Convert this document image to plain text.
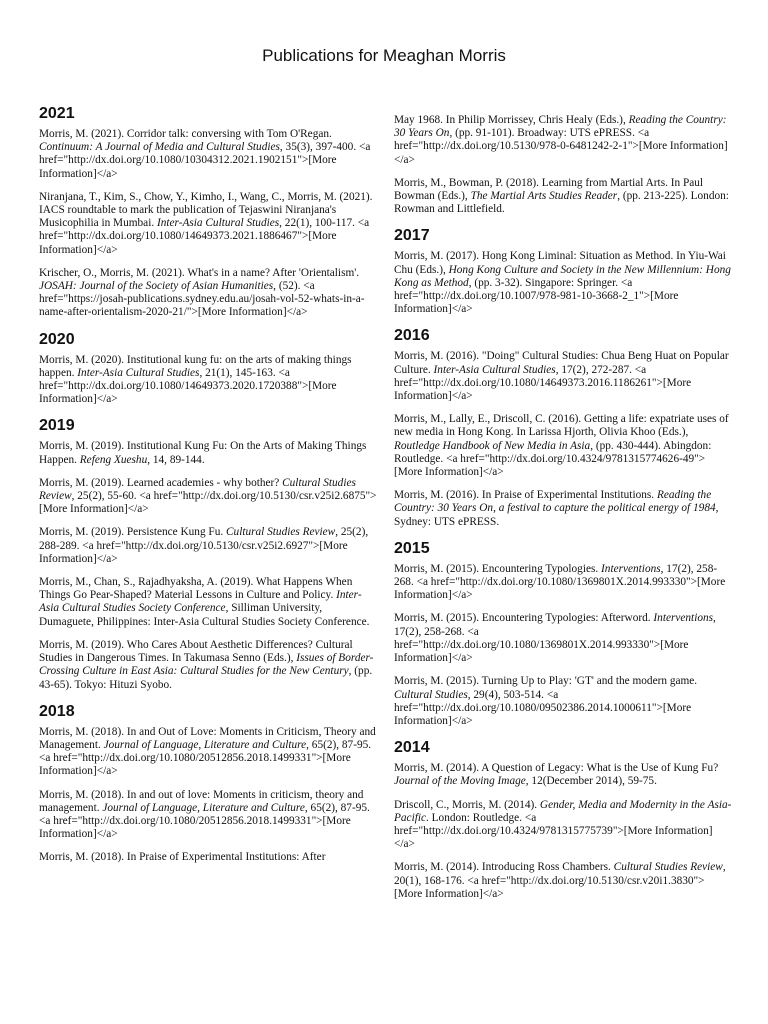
Publications for Meaghan Morris
2021
Morris, M. (2021). Corridor talk: conversing with Tom O'Regan. Continuum: A Journal of Media and Cultural Studies, 35(3), 397-400. <a href="http://dx.doi.org/10.1080/10304312.2021.1902151">[More Information]</a>
Niranjana, T., Kim, S., Chow, Y., Kimho, I., Wang, C., Morris, M. (2021). IACS roundtable to mark the publication of Tejaswini Niranjana's Musicophilia in Mumbai. Inter-Asia Cultural Studies, 22(1), 100-117. <a href="http://dx.doi.org/10.1080/14649373.2021.1886467">[More Information]</a>
Krischer, O., Morris, M. (2021). What's in a name? After 'Orientalism'. JOSAH: Journal of the Society of Asian Humanities, (52). <a href="https://josah-publications.sydney.edu.au/josah-vol-52-whats-in-a-name-after-orientalism-2020-21/">[More Information]</a>
2020
Morris, M. (2020). Institutional kung fu: on the arts of making things happen. Inter-Asia Cultural Studies, 21(1), 145-163. <a href="http://dx.doi.org/10.1080/14649373.2020.1720388">[More Information]</a>
2019
Morris, M. (2019). Institutional Kung Fu: On the Arts of Making Things Happen. Refeng Xueshu, 14, 89-144.
Morris, M. (2019). Learned academies - why bother? Cultural Studies Review, 25(2), 55-60. <a href="http://dx.doi.org/10.5130/csr.v25i2.6875">[More Information]</a>
Morris, M. (2019). Persistence Kung Fu. Cultural Studies Review, 25(2), 288-289. <a href="http://dx.doi.org/10.5130/csr.v25i2.6927">[More Information]</a>
Morris, M., Chan, S., Rajadhyaksha, A. (2019). What Happens When Things Go Pear-Shaped? Material Lessons in Culture and Policy. Inter-Asia Cultural Studies Society Conference, Silliman University, Dumaguete, Philippines: Inter-Asia Cultural Studies Society Conference.
Morris, M. (2019). Who Cares About Aesthetic Differences? Cultural Studies in Dangerous Times. In Takumasa Senno (Eds.), Issues of Border-Crossing Culture in East Asia: Cultural Studies for the New Century, (pp. 43-65). Tokyo: Hituzi Syobo.
2018
Morris, M. (2018). In and Out of Love: Moments in Criticism, Theory and Management. Journal of Language, Literature and Culture, 65(2), 87-95. <a href="http://dx.doi.org/10.1080/20512856.2018.1499331">[More Information]</a>
Morris, M. (2018). In and out of love: Moments in criticism, theory and management. Journal of Language, Literature and Culture, 65(2), 87-95. <a href="http://dx.doi.org/10.1080/20512856.2018.1499331">[More Information]</a>
Morris, M. (2018). In Praise of Experimental Institutions: After
May 1968. In Philip Morrissey, Chris Healy (Eds.), Reading the Country: 30 Years On, (pp. 91-101). Broadway: UTS ePRESS. <a href="http://dx.doi.org/10.5130/978-0-6481242-2-1">[More Information]</a>
Morris, M., Bowman, P. (2018). Learning from Martial Arts. In Paul Bowman (Eds.), The Martial Arts Studies Reader, (pp. 213-225). London: Rowman and Littlefield.
2017
Morris, M. (2017). Hong Kong Liminal: Situation as Method. In Yiu-Wai Chu (Eds.), Hong Kong Culture and Society in the New Millennium: Hong Kong as Method, (pp. 3-32). Singapore: Springer. <a href="http://dx.doi.org/10.1007/978-981-10-3668-2_1">[More Information]</a>
2016
Morris, M. (2016). "Doing" Cultural Studies: Chua Beng Huat on Popular Culture. Inter-Asia Cultural Studies, 17(2), 272-287. <a href="http://dx.doi.org/10.1080/14649373.2016.1186261">[More Information]</a>
Morris, M., Lally, E., Driscoll, C. (2016). Getting a life: expatriate uses of new media in Hong Kong. In Larissa Hjorth, Olivia Khoo (Eds.), Routledge Handbook of New Media in Asia, (pp. 430-444). Abingdon: Routledge. <a href="http://dx.doi.org/10.4324/9781315774626-49">[More Information]</a>
Morris, M. (2016). In Praise of Experimental Institutions. Reading the Country: 30 Years On, a festival to capture the political energy of 1984, Sydney: UTS ePRESS.
2015
Morris, M. (2015). Encountering Typologies. Interventions, 17(2), 258-268. <a href="http://dx.doi.org/10.1080/1369801X.2014.993330">[More Information]</a>
Morris, M. (2015). Encountering Typologies: Afterword. Interventions, 17(2), 258-268. <a href="http://dx.doi.org/10.1080/1369801X.2014.993330">[More Information]</a>
Morris, M. (2015). Turning Up to Play: 'GT' and the modern game. Cultural Studies, 29(4), 503-514. <a href="http://dx.doi.org/10.1080/09502386.2014.1000611">[More Information]</a>
2014
Morris, M. (2014). A Question of Legacy: What is the Use of Kung Fu? Journal of the Moving Image, 12(December 2014), 59-75.
Driscoll, C., Morris, M. (2014). Gender, Media and Modernity in the Asia-Pacific. London: Routledge. <a href="http://dx.doi.org/10.4324/9781315775739">[More Information]</a>
Morris, M. (2014). Introducing Ross Chambers. Cultural Studies Review, 20(1), 168-176. <a href="http://dx.doi.org/10.5130/csr.v20i1.3830">[More Information]</a>
